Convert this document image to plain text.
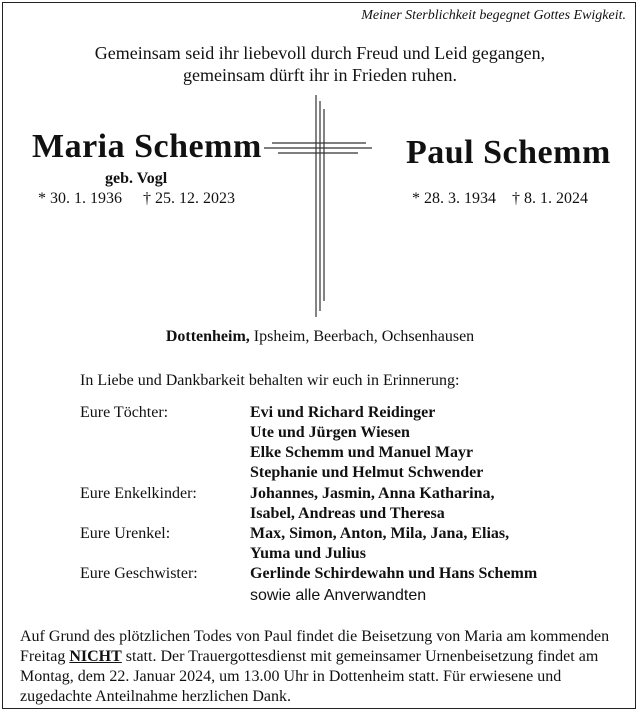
Meiner Sterblichkeit begegnet Gottes Ewigkeit.
Gemeinsam seid ihr liebevoll durch Freud und Leid gegangen,
gemeinsam dürft ihr in Frieden ruhen.
Maria Schemm
geb. Vogl
* 30. 1. 1936 † 25. 12. 2023
Paul Schemm
* 28. 3. 1934 † 8. 1. 2024
Dottenheim, Ipsheim, Beerbach, Ochsenhausen
In Liebe und Dankbarkeit behalten wir euch in Erinnerung:
Eure Töchter:	Evi und Richard Reidinger
Ute und Jürgen Wiesen
Elke Schemm und Manuel Mayr
Stephanie und Helmut Schwender
Eure Enkelkinder:	Johannes, Jasmin, Anna Katharina,
Isabel, Andreas und Theresa
Eure Urenkel:	Max, Simon, Anton, Mila, Jana, Elias,
Yuma und Julius
Eure Geschwister:	Gerlinde Schirdewahn und Hans Schemm
sowie alle Anverwandten
Auf Grund des plötzlichen Todes von Paul findet die Beisetzung von Maria am kommenden Freitag NICHT statt. Der Trauergottesdienst mit gemeinsamer Urnenbeisetzung findet am Montag, dem 22. Januar 2024, um 13.00 Uhr in Dottenheim statt. Für erwiesene und zugedachte Anteilnahme herzlichen Dank.
